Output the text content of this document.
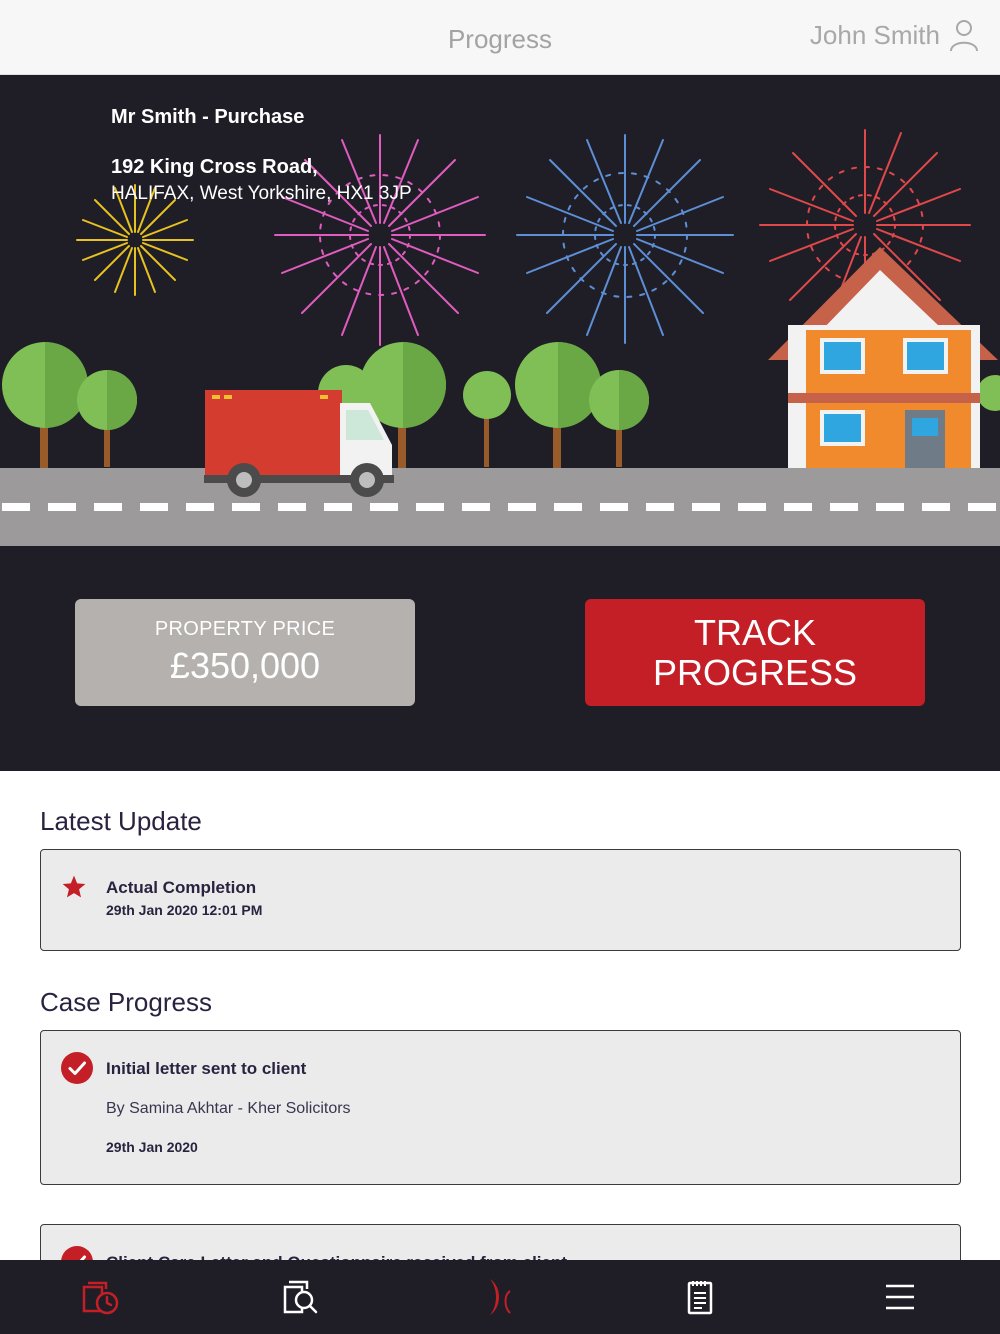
Progress	John Smith
Mr Smith - Purchase
192 King Cross Road,
HALIFAX, West Yorkshire, HX1 3JP
PROPERTY PRICE
£350,000
TRACK
PROGRESS
Latest Update
Actual Completion
29th Jan 2020 12:01 PM
Case Progress
Initial letter sent to client
By Samina Akhtar - Kher Solicitors
29th Jan 2020
